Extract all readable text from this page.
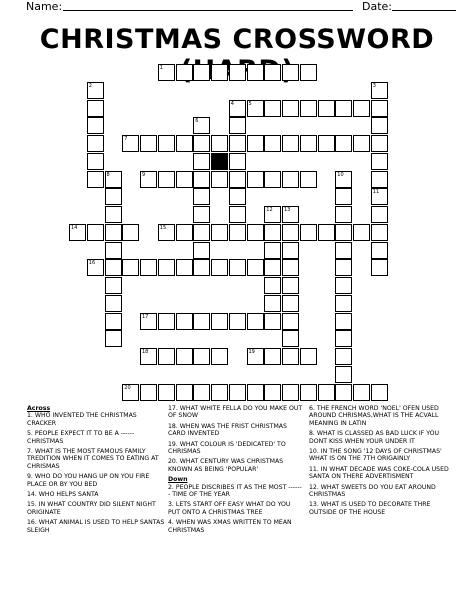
Name:	Date:
CHRISTMAS CROSSWORD
1
2	3
4	5
6
7
8	9	10
11
12 13
14	15
16
17
18	19
20
Across
1. WHO INVENTED THE CHRISTMAS CRACKER
5. PEOPLE EXPECT IT TO BE A ------ CHRISTMAS
7. WHAT IS THE MOST FAMOUS FAMILY TREDITION WHEN IT COMES TO EATING AT CHRISMAS
9. WHO DO YOU HANG UP ON YOU FIRE PLACE OR BY YOU BED
14. WHO HELPS SANTA
15. IN WHAT COUNTRY DID SILENT NIGHT ORIGINATE
16. WHAT ANIMAL IS USED TO HELP SANTAS SLEIGH
17. WHAT WHITE FELLA DO YOU MAKE OUT OF SNOW
18. WHEN WAS THE FRIST CHRISTMAS CARD INVENTED
19. WHAT COLOUR IS 'DEDICATED' TO CHRISMAS
20. WHAT CENTURY WAS CHRISTMAS KNOWN AS BEING 'POPULAR'
Down
2. PEOPLE DISCRIBES IT AS THE MOST ------- TIME OF THE YEAR
3. LETS START OFF EASY WHAT DO YOU PUT ONTO A CHRISTMAS TREE
4. WHEN WAS XMAS WRITTEN TO MEAN CHRISTMAS
6. THE FRENCH WORD 'NOEL' OFEN USED AROUND CHRISMAS,WHAT IS THE ACVALL MEANING IN LATIN
8. WHAT IS CLASSED AS BAD LUCK IF YOU DONT KISS WHEN YOUR UNDER IT
10. IN THE SONG '12 DAYS OF CHRISTMAS' WHAT IS ON THE 7TH ORIGAINLY
11. IN WHAT DECADE WAS COKE-COLA USED SANTA ON THERE ADVERTISMENT
12. WHAT SWEETS DO YOU EAT AROUND CHRISTMAS
13. WHAT IS USED TO DECORATE THRE OUTSIDE OF THE HOUSE
